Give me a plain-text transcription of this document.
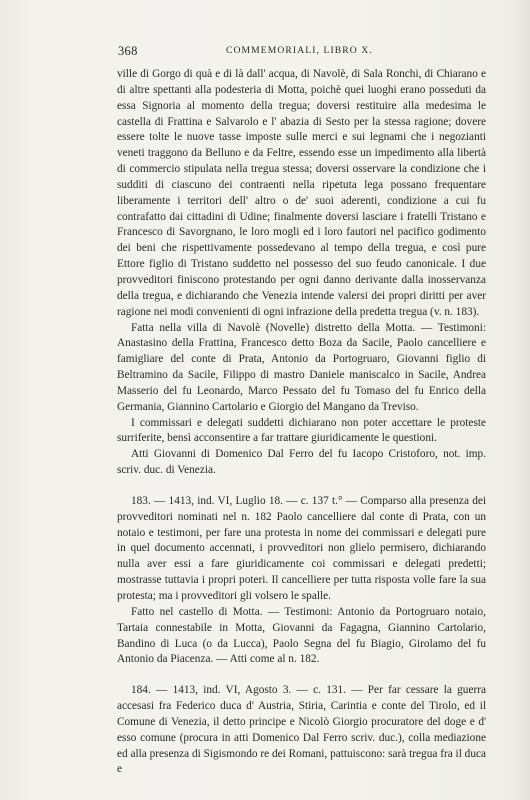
368	COMMEMORIALI, LIBRO X.

ville di Gorgo di quà e di là dall' acqua, di Navolè, di Sala Ronchi, di Chiarano e di altre spettanti alla podesteria di Motta, poichè quei luoghi erano posseduti da essa Signoria al momento della tregua; doversi restituire alla medesima le castella di Frattina e Salvarolo e l' abazia di Sesto per la stessa ragione; dovere essere tolte le nuove tasse imposte sulle merci e sui legnami che i negozianti veneti traggono da Belluno e da Feltre, essendo esse un impedimento alla libertà di commercio stipulata nella tregua stessa; doversi osservare la condizione che i sudditi di ciascuno dei contraenti nella ripetuta lega possano frequentare liberamente i territori dell' altro o de' suoi aderenti, condizione a cui fu contrafatto dai cittadini di Udine; finalmente doversi lasciare i fratelli Tristano e Francesco di Savorgnano, le loro mogli ed i loro fautori nel pacifico godimento dei beni che rispettivamente possedevano al tempo della tregua, e così pure Ettore figlio di Tristano suddetto nel possesso del suo feudo canonicale. I due provveditori finiscono protestando per ogni danno derivante dalla inosservanza della tregua, e dichiarando che Venezia intende valersi dei propri diritti per aver ragione nei modi convenienti di ogni infrazione della predetta tregua (v. n. 183).

Fatta nella villa di Navolè (Novelle) distretto della Motta. — Testimoni: Anastasino della Frattina, Francesco detto Boza da Sacile, Paolo cancelliere e famigliare del conte di Prata, Antonio da Portogruaro, Giovanni figlio di Beltramino da Sacile, Filippo di mastro Daniele maniscalco in Sacile, Andrea Masserio del fu Leonardo, Marco Pessato del fu Tomaso del fu Enrico della Germania, Giannino Cartolario e Giorgio del Mangano da Treviso.

I commissari e delegati suddetti dichiarano non poter accettare le proteste surriferite, bensì acconsentire a far trattare giuridicamente le questioni.

Atti Giovanni di Domenico Dal Ferro del fu Iacopo Cristoforo, not. imp. scriv. duc. di Venezia.

183. — 1413, ind. VI, Luglio 18. — c. 137 t.° — Comparso alla presenza dei provveditori nominati nel n. 182 Paolo cancelliere dal conte di Prata, con un notaio e testimoni, per fare una protesta in nome dei commissari e delegati pure in quel documento accennati, i provveditori non glielo permisero, dichiarando nulla aver essi a fare giuridicamente coi commissari e delegati predetti; mostrasse tuttavia i propri poteri. Il cancelliere per tutta risposta volle fare la sua protesta; ma i provveditori gli volsero le spalle.

Fatto nel castello di Motta. — Testimoni: Antonio da Portogruaro notaio, Tartaia connestabile in Motta, Giovanni da Fagagna, Giannino Cartolario, Bandino di Luca (o da Lucca), Paolo Segna del fu Biagio, Girolamo del fu Antonio da Piacenza. — Atti come al n. 182.

184. — 1413, ind. VI, Agosto 3. — c. 131. — Per far cessare la guerra accesasi fra Federico duca d' Austria, Stiria, Carintia e conte del Tirolo, ed il Comune di Venezia, il detto principe e Nicolò Giorgio procuratore del doge e d' esso comune (procura in atti Domenico Dal Ferro scriv. duc.), colla mediazione ed alla presenza di Sigismondo re dei Romani, pattuiscono: sarà tregua fra il duca e
